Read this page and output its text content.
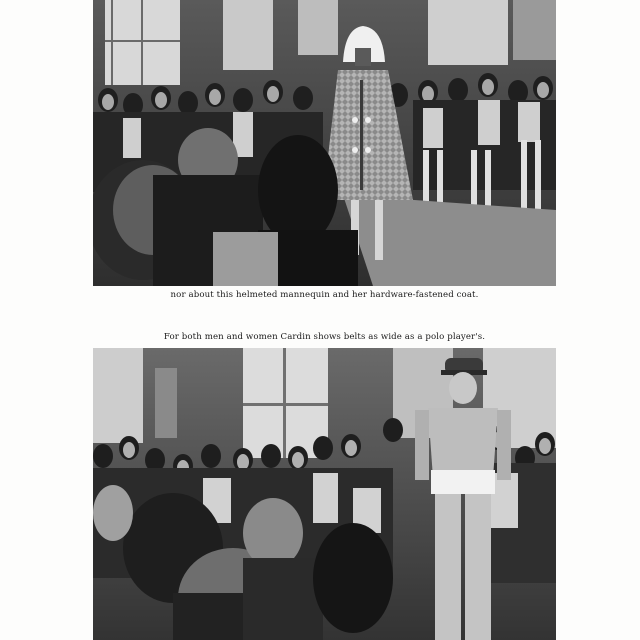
nor about this helmeted mannequin and her hardware-fastened coat.
For both men and women Cardin shows belts as wide as a polo player's.
